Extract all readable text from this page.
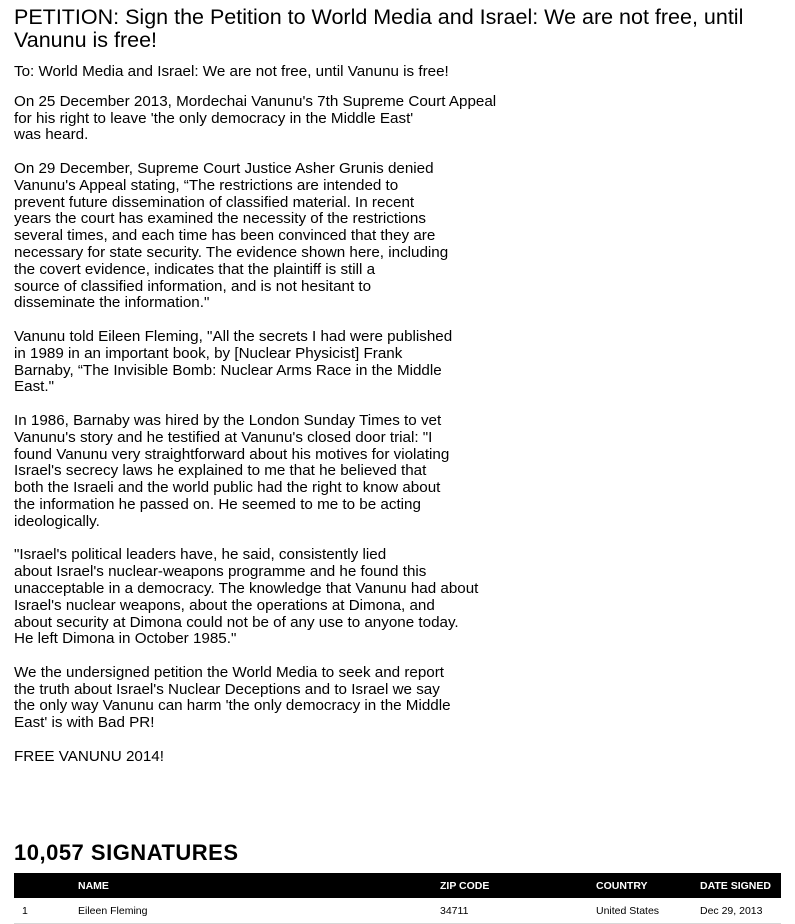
PETITION: Sign the Petition to World Media and Israel: We are not free, until Vanunu is free!

To: World Media and Israel: We are not free, until Vanunu is free!

On 25 December 2013, Mordechai Vanunu's 7th Supreme Court Appeal
for his right to leave 'the only democracy in the Middle East'
was heard.

On 29 December, Supreme Court Justice Asher Grunis denied
Vanunu's Appeal stating, “The restrictions are intended to
prevent future dissemination of classified material. In recent
years the court has examined the necessity of the restrictions
several times, and each time has been convinced that they are
necessary for state security. The evidence shown here, including
the covert evidence, indicates that the plaintiff is still a
source of classified information, and is not hesitant to
disseminate the information."

Vanunu told Eileen Fleming, "All the secrets I had were published
in 1989 in an important book, by [Nuclear Physicist] Frank
Barnaby, “The Invisible Bomb: Nuclear Arms Race in the Middle
East."

In 1986, Barnaby was hired by the London Sunday Times to vet
Vanunu's story and he testified at Vanunu's closed door trial: "I
found Vanunu very straightforward about his motives for violating
Israel's secrecy laws he explained to me that he believed that
both the Israeli and the world public had the right to know about
the information he passed on. He seemed to me to be acting
ideologically.

"Israel's political leaders have, he said, consistently lied
about Israel's nuclear-weapons programme and he found this
unacceptable in a democracy. The knowledge that Vanunu had about
Israel's nuclear weapons, about the operations at Dimona, and
about security at Dimona could not be of any use to anyone today.
He left Dimona in October 1985."

We the undersigned petition the World Media to seek and report
the truth about Israel's Nuclear Deceptions and to Israel we say
the only way Vanunu can harm 'the only democracy in the Middle
East' is with Bad PR!

FREE VANUNU 2014!

10,057 SIGNATURES
	NAME	ZIP CODE	COUNTRY	DATE SIGNED
1	Eileen Fleming	34711	United States	Dec 29, 2013
